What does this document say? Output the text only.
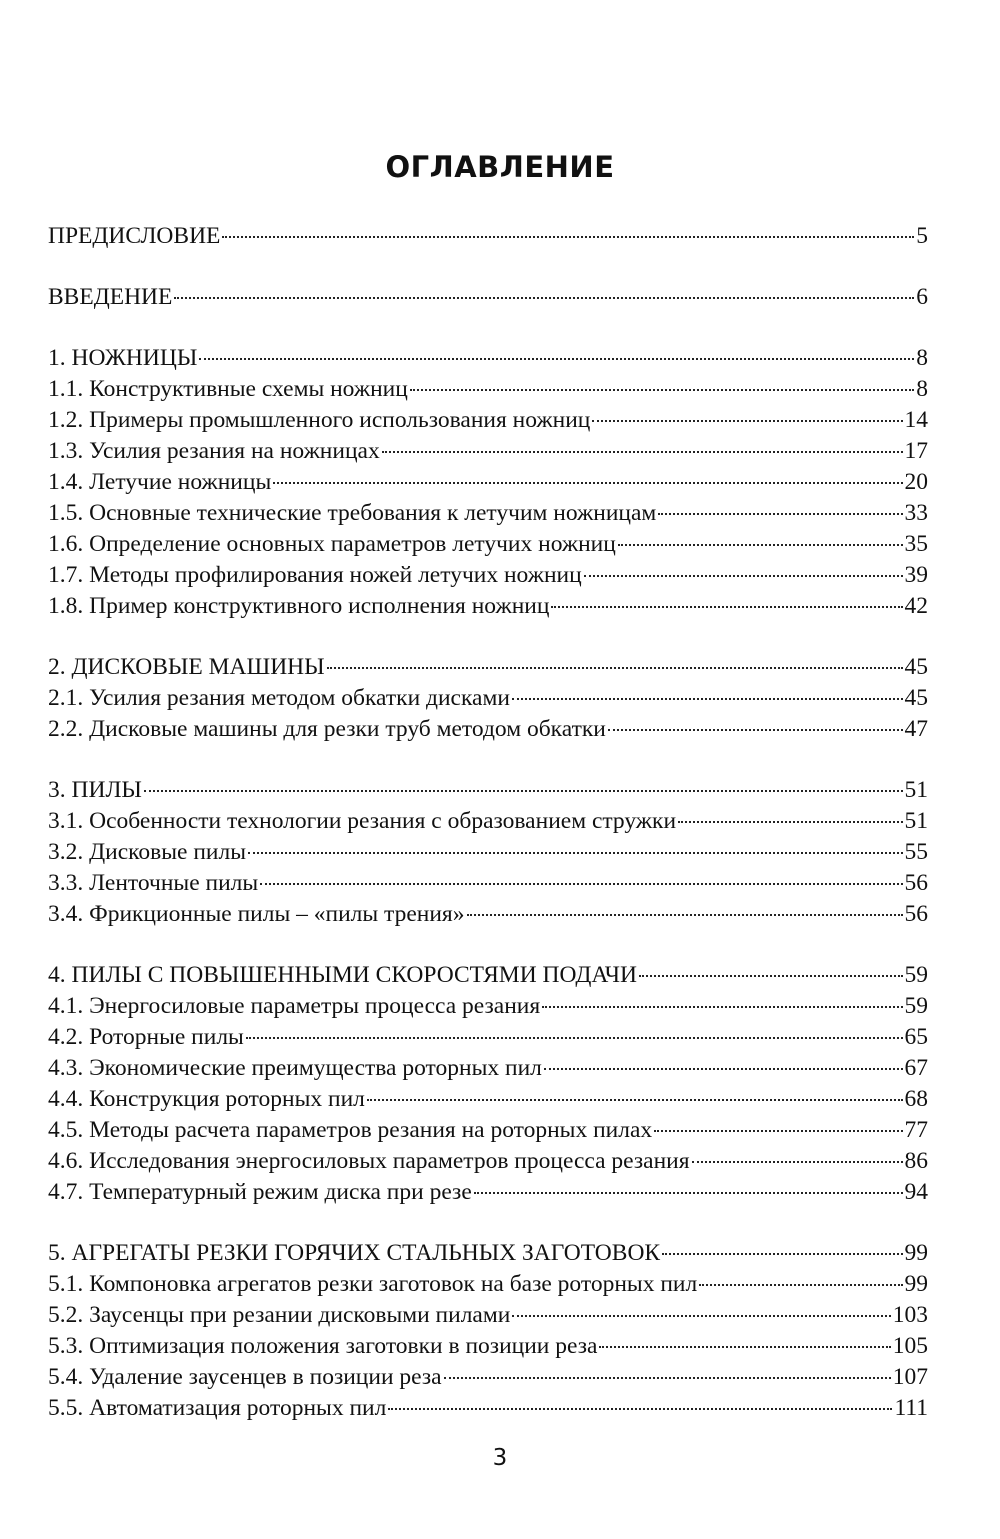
ОГЛАВЛЕНИЕ
ПРЕДИСЛОВИЕ	5
ВВЕДЕНИЕ	6
1. НОЖНИЦЫ	8
1.1. Конструктивные схемы ножниц	8
1.2. Примеры промышленного использования ножниц	14
1.3. Усилия резания на ножницах	17
1.4. Летучие ножницы	20
1.5. Основные технические требования к летучим ножницам	33
1.6. Определение основных параметров летучих ножниц	35
1.7. Методы профилирования ножей летучих ножниц	39
1.8. Пример конструктивного исполнения ножниц	42
2. ДИСКОВЫЕ МАШИНЫ	45
2.1. Усилия резания методом обкатки дисками	45
2.2. Дисковые машины для резки труб методом обкатки	47
3. ПИЛЫ	51
3.1. Особенности технологии резания с образованием стружки	51
3.2. Дисковые пилы	55
3.3. Ленточные пилы	56
3.4. Фрикционные пилы – «пилы трения»	56
4. ПИЛЫ С ПОВЫШЕННЫМИ СКОРОСТЯМИ ПОДАЧИ	59
4.1. Энергосиловые параметры процесса резания	59
4.2. Роторные пилы	65
4.3. Экономические преимущества роторных пил	67
4.4. Конструкция роторных пил	68
4.5. Методы расчета параметров резания на роторных пилах	77
4.6. Исследования энергосиловых параметров процесса резания	86
4.7. Температурный режим диска при резе	94
5. АГРЕГАТЫ РЕЗКИ ГОРЯЧИХ СТАЛЬНЫХ ЗАГОТОВОК	99
5.1. Компоновка агрегатов резки заготовок на базе роторных пил	99
5.2. Заусенцы при резании дисковыми пилами	103
5.3. Оптимизация положения заготовки в позиции реза	105
5.4. Удаление заусенцев в позиции реза	107
5.5. Автоматизация роторных пил	111
3
